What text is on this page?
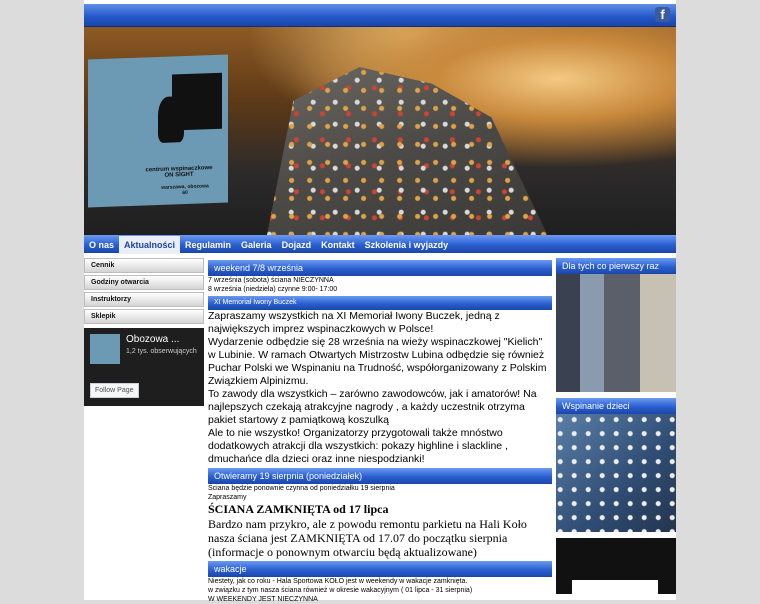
f
centrum wspinaczkowe
ON SIGHT
warszawa, obozowa 60
O nas Aktualności Regulamin Galeria Dojazd Kontakt Szkolenia i wyjazdy
Cennik
Godziny otwarcia
Instruktorzy
Sklepik
Obozowa ...
1,2 tys. obserwujących
Follow Page
weekend 7/8 września
7 września (sobota) ściana NIECZYNNA
8 września (niedziela) czynne 9:00- 17:00
XI Memoriał Iwony Buczek
Zapraszamy wszystkich na XI Memoriał Iwony Buczek, jedną z największych imprez wspinaczkowych w Polsce!
Wydarzenie odbędzie się 28 września na wieży wspinaczkowej "Kielich" w Lubinie. W ramach Otwartych Mistrzostw Lubina odbędzie się również Puchar Polski we Wspinaniu na Trudność, współorganizowany z Polskim Związkiem Alpinizmu.
To zawody dla wszystkich – zarówno zawodowców, jak i amatorów! Na najlepszych czekają atrakcyjne nagrody , a każdy uczestnik otrzyma pakiet startowy z pamiątkową koszulką
Ale to nie wszystko! Organizatorzy przygotowali także mnóstwo dodatkowych atrakcji dla wszystkich: pokazy highline i slackline , dmuchańce dla dzieci oraz inne niespodzianki!
Otwieramy 19 sierpnia (poniedziałek)
Ściana będzie ponownie czynna od poniedziałku 19 sierpnia
Zapraszamy
ŚCIANA ZAMKNIĘTA od 17 lipca
Bardzo nam przykro, ale z powodu remontu parkietu na Hali Koło nasza ściana jest ZAMKNIĘTA od 17.07 do początku sierpnia (informacje o ponownym otwarciu będą aktualizowane)
wakacje
Niestety, jak co roku - Hala Sportowa KOŁO jest w weekendy w wakacje zamknięta.
w związku z tym nasza ściana również w okresie wakacyjnym ( 01 lipca - 31 sierpnia)
W WEEKENDY JEST NIECZYNNA
Dla tych co pierwszy raz
Wspinanie dzieci
